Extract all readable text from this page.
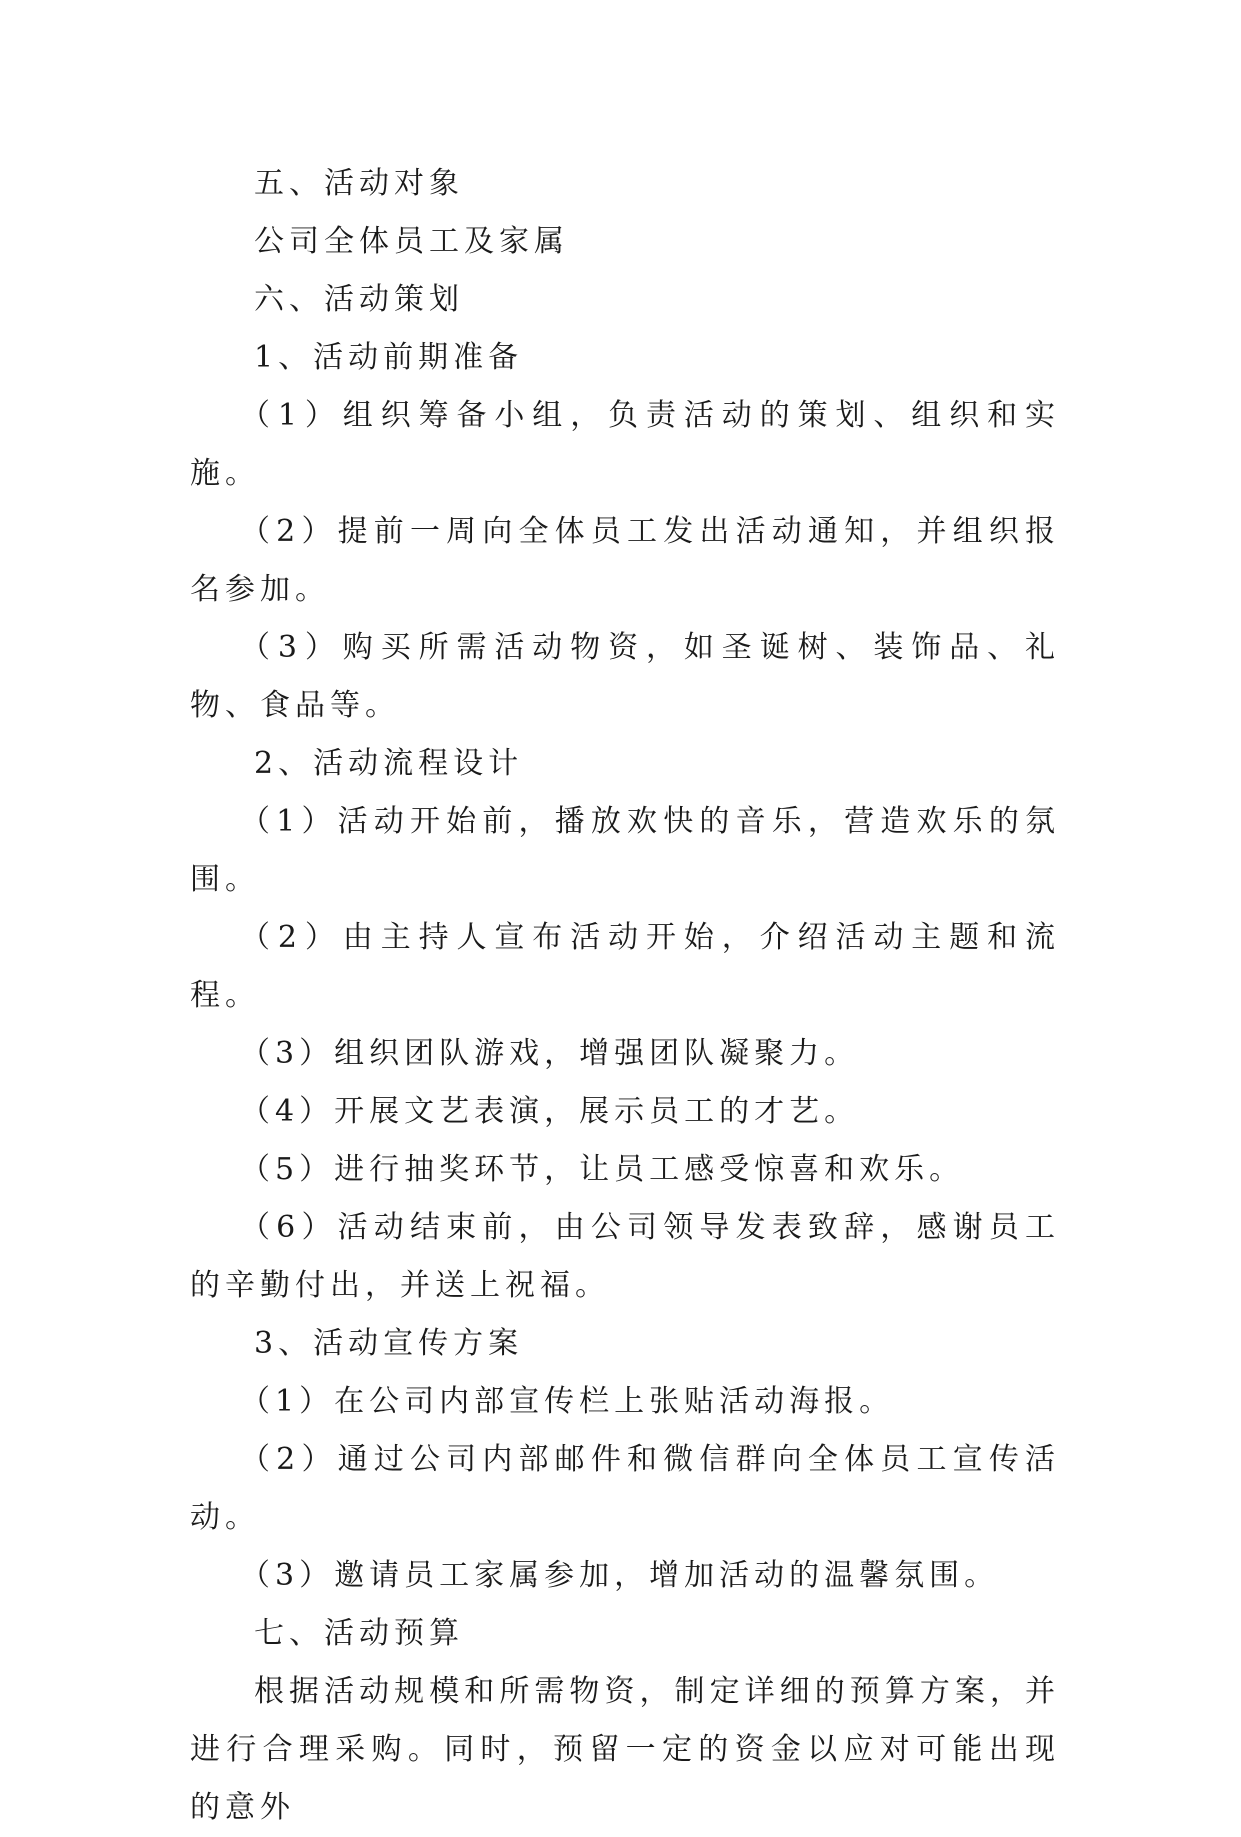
五、活动对象

公司全体员工及家属

六、活动策划

1、活动前期准备

（1）组织筹备小组，负责活动的策划、组织和实施。

（2）提前一周向全体员工发出活动通知，并组织报名参加。

（3）购买所需活动物资，如圣诞树、装饰品、礼物、食品等。

2、活动流程设计

（1）活动开始前，播放欢快的音乐，营造欢乐的氛围。

（2）由主持人宣布活动开始，介绍活动主题和流程。

（3）组织团队游戏，增强团队凝聚力。

（4）开展文艺表演，展示员工的才艺。

（5）进行抽奖环节，让员工感受惊喜和欢乐。

（6）活动结束前，由公司领导发表致辞，感谢员工的辛勤付出，并送上祝福。

3、活动宣传方案

（1）在公司内部宣传栏上张贴活动海报。

（2）通过公司内部邮件和微信群向全体员工宣传活动。

（3）邀请员工家属参加，增加活动的温馨氛围。

七、活动预算

根据活动规模和所需物资，制定详细的预算方案，并进行合理采购。同时，预留一定的资金以应对可能出现的意外
